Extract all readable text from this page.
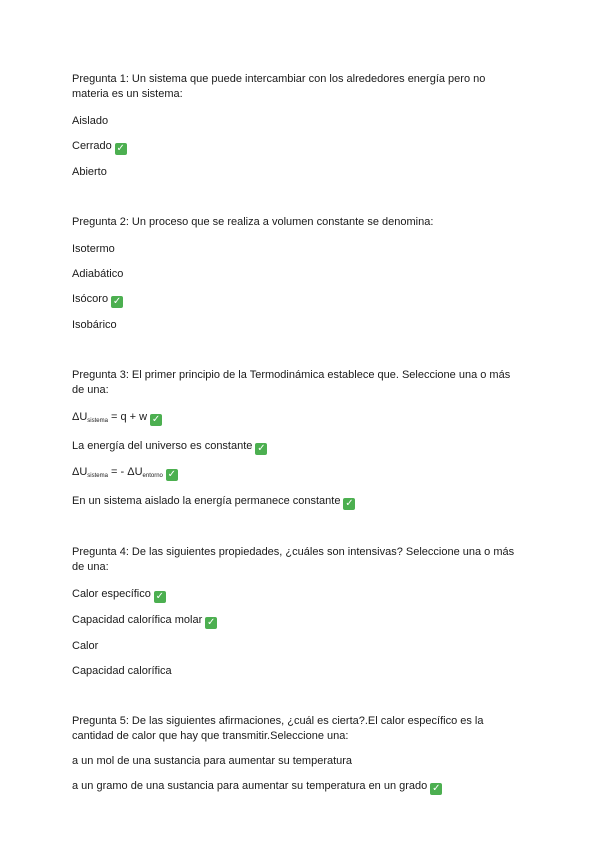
Pregunta 1: Un sistema que puede intercambiar con los alrededores energía pero no materia es un sistema:

Aislado

Cerrado ✓

Abierto

Pregunta 2: Un proceso que se realiza a volumen constante se denomina:

Isotermo

Adiabático

Isócoro ✓

Isobárico

Pregunta 3: El primer principio de la Termodinámica establece que. Seleccione una o más de una:

$\Delta U_{sistema} = q + w$ ✓

La energía del universo es constante ✓

$\Delta U_{sistema}$ = - $\Delta U_{entorno}$ ✓

En un sistema aislado la energía permanece constante ✓

Pregunta 4: De las siguientes propiedades, ¿cuáles son intensivas? Seleccione una o más de una:

Calor específico ✓

Capacidad calorífica molar ✓

Calor

Capacidad calorífica

Pregunta 5: De las siguientes afirmaciones, ¿cuál es cierta?.El calor específico es la cantidad de calor que hay que transmitir.Seleccione una:

a un mol de una sustancia para aumentar su temperatura

a un gramo de una sustancia para aumentar su temperatura en un grado ✓
